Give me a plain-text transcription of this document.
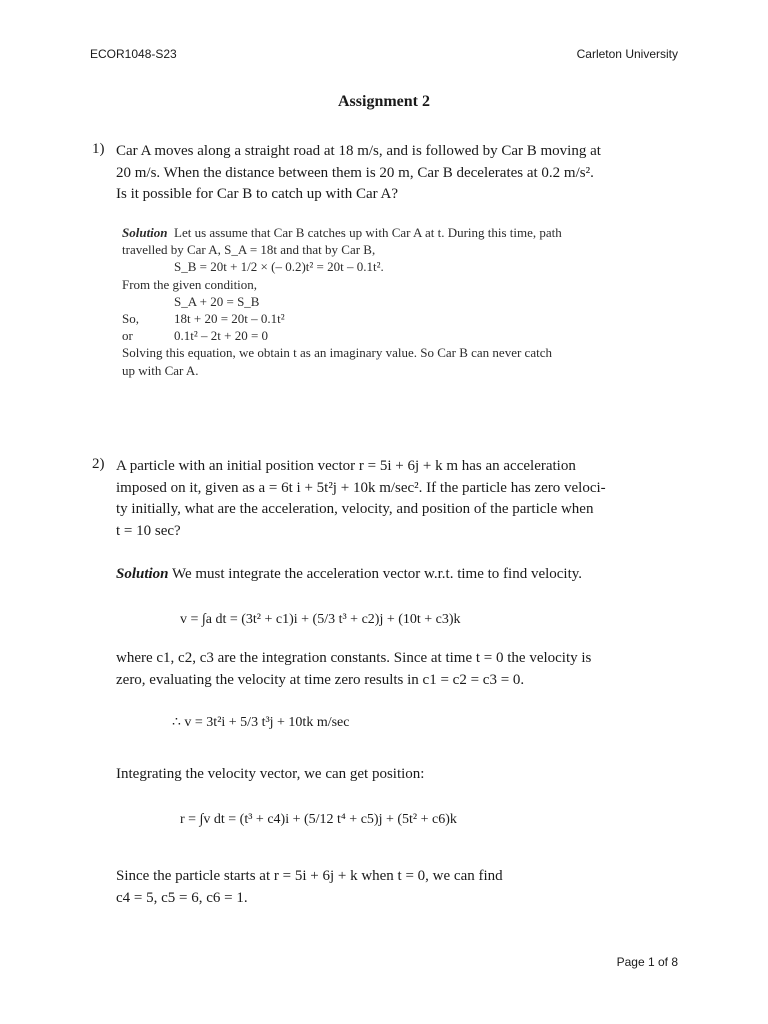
ECOR1048-S23	Carleton University
Assignment 2
1) Car A moves along a straight road at 18 m/s, and is followed by Car B moving at

20 m/s. When the distance between them is 20 m, Car B decelerates at 0.2 m/s².

Is it possible for Car B to catch up with Car A?

Solution Let us assume that Car B catches up with Car A at t. During this time, path

travelled by Car A, S_A = 18t and that by Car B,

S_B = 20t + 1/2 × (– 0.2)t² = 20t – 0.1t².

From the given condition,

S_A + 20 = S_B

So,	18t + 20 = 20t – 0.1t²

or	0.1t² – 2t + 20 = 0

Solving this equation, we obtain t as an imaginary value. So Car B can never catch

up with Car A.

2) A particle with an initial position vector r = 5i + 6j + k m has an acceleration

imposed on it, given as a = 6t i + 5t²j + 10k m/sec². If the particle has zero veloci-

ty initially, what are the acceleration, velocity, and position of the particle when

t = 10 sec?

Solution We must integrate the acceleration vector w.r.t. time to find velocity.

v = ∫a dt = (3t² + c1)i + (5/3 t³ + c2)j + (10t + c3)k

where c1, c2, c3 are the integration constants. Since at time t = 0 the velocity is

zero, evaluating the velocity at time zero results in c1 = c2 = c3 = 0.

∴ v = 3t²i + 5/3 t³j + 10tk m/sec

Integrating the velocity vector, we can get position:

r = ∫v dt = (t³ + c4)i + (5/12 t⁴ + c5)j + (5t² + c6)k

Since the particle starts at r = 5i + 6j + k when t = 0, we can find

c4 = 5, c5 = 6, c6 = 1.

Page 1 of 8
